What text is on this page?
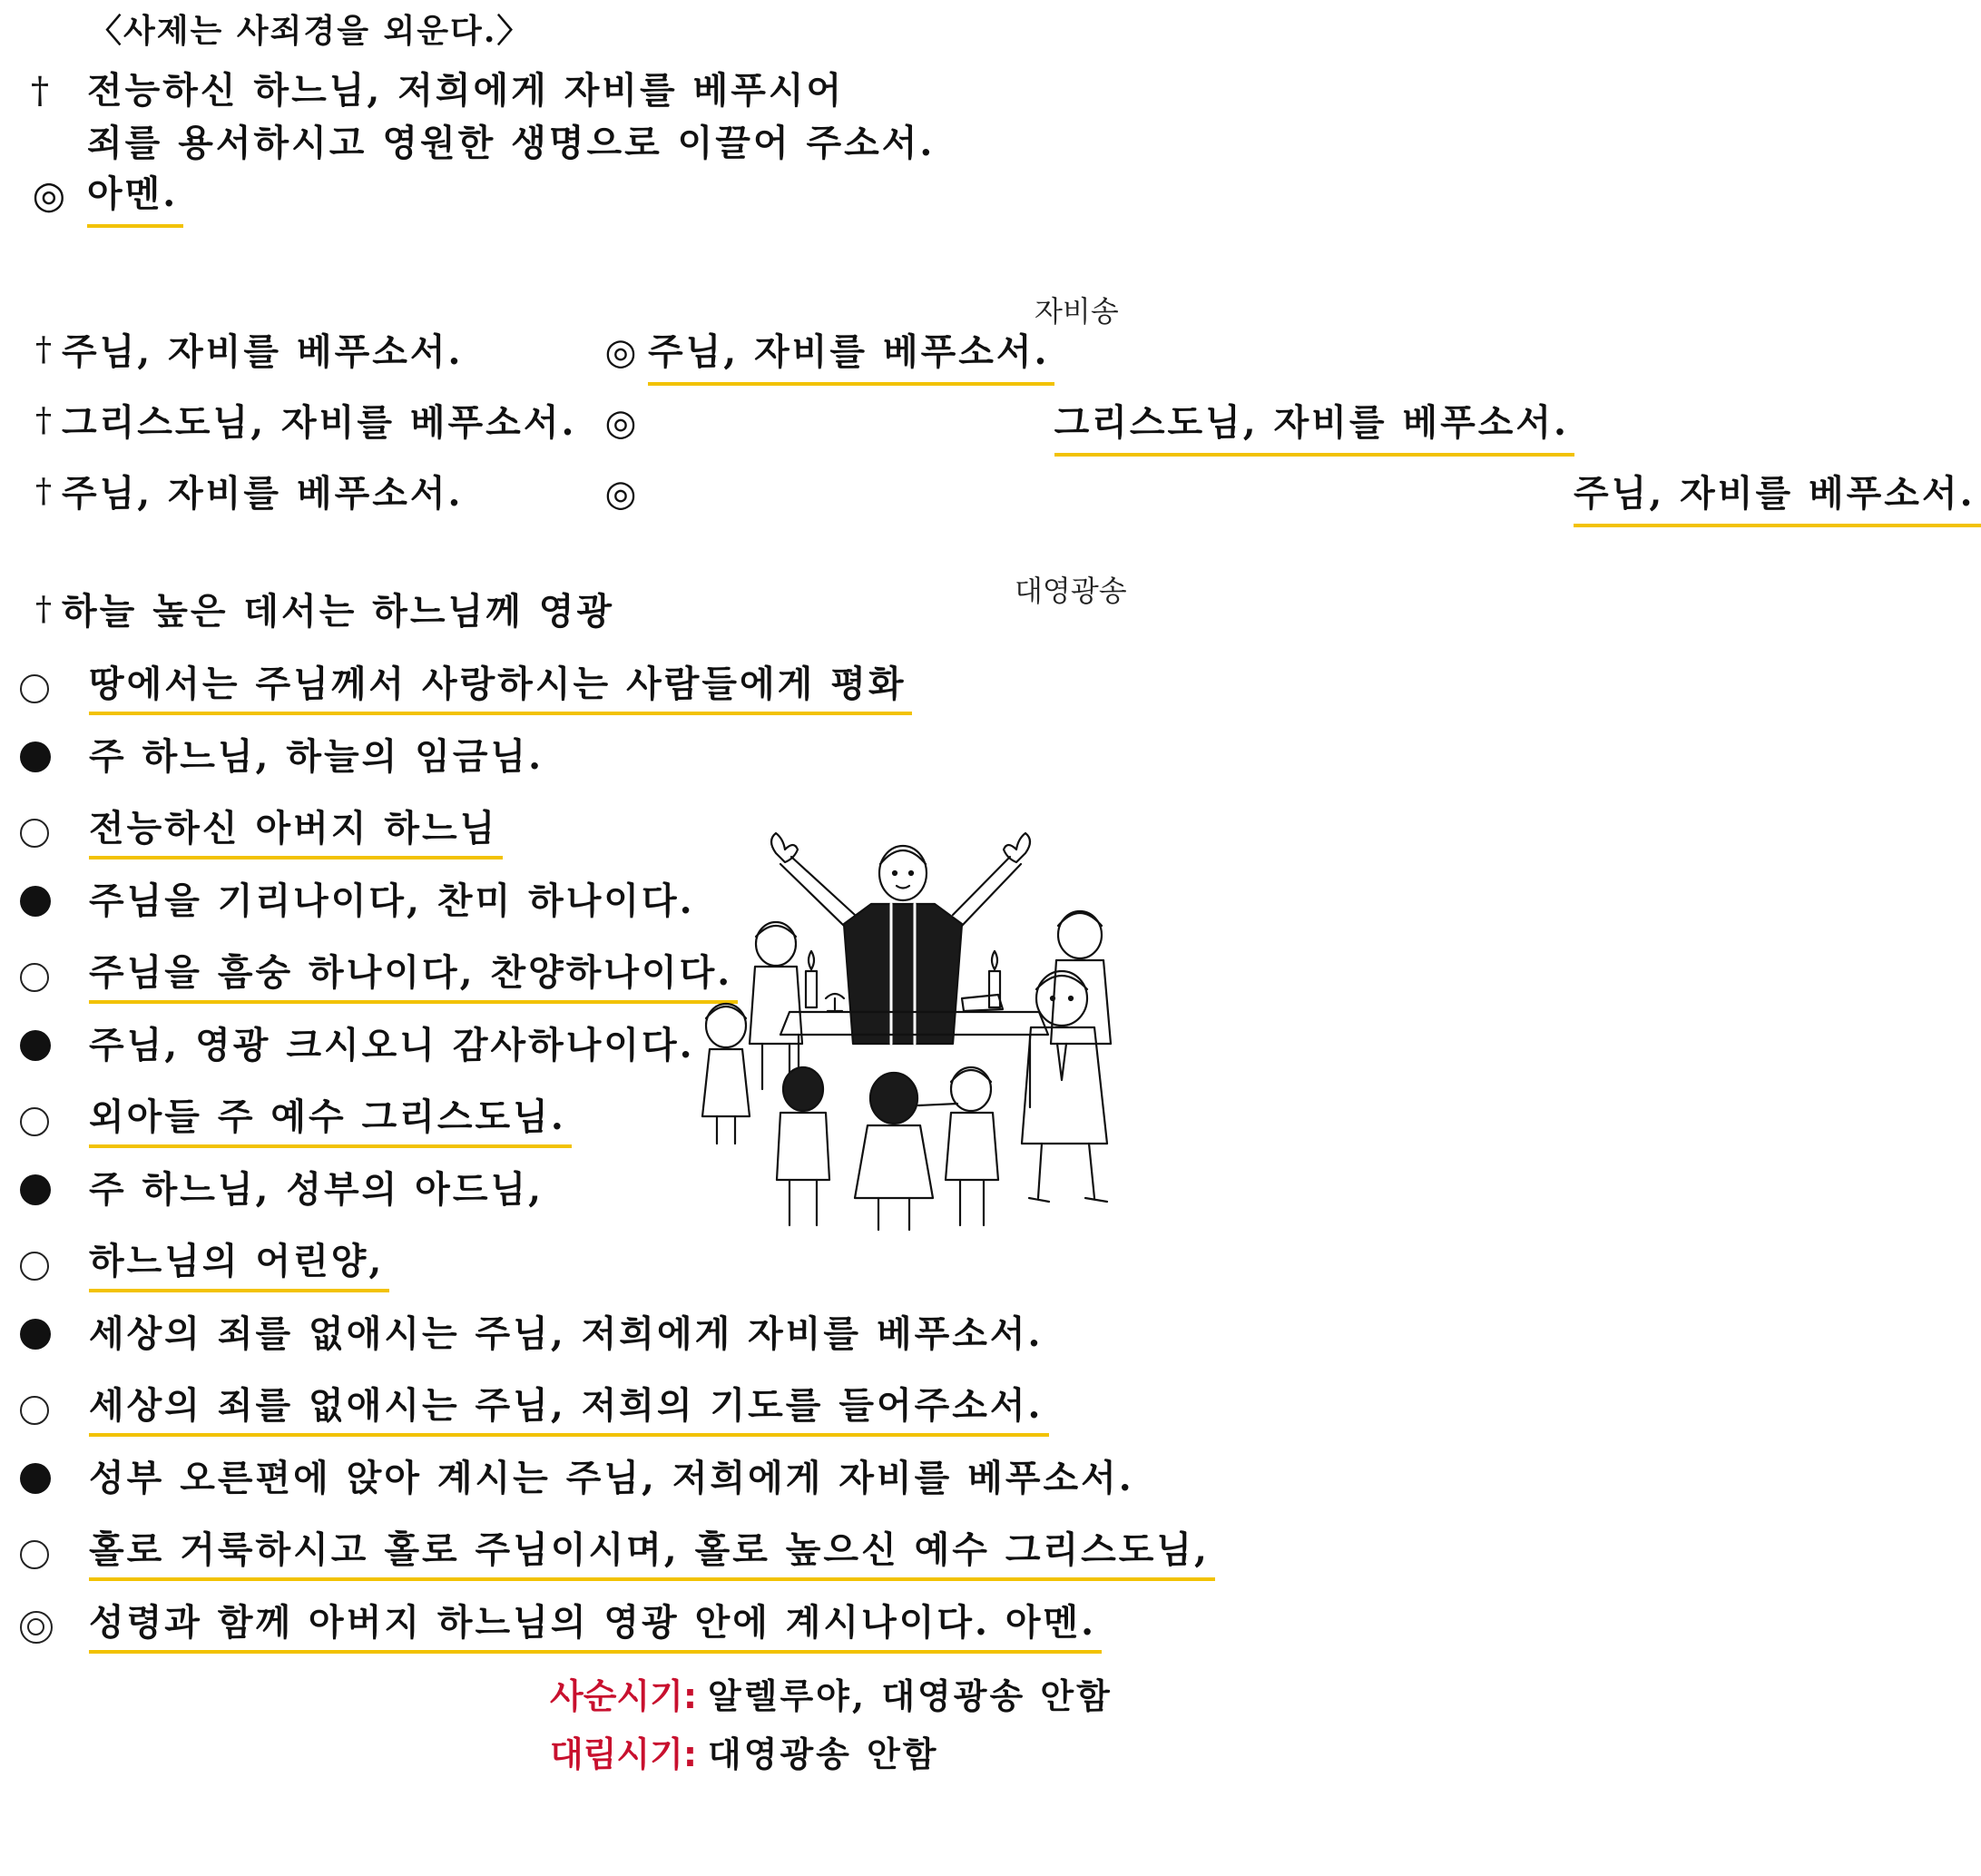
〈사제는 사죄경을 외운다.〉
†	전능하신 하느님, 저희에게 자비를 베푸시어
죄를 용서하시고 영원한 생명으로 이끌어 주소서.
◎ 아멘.
자비송
† 주님, 자비를 베푸소서.	◎ 주님, 자비를 베푸소서.
† 그리스도님, 자비를 베푸소서. ◎	그리스도님, 자비를 베푸소서.
† 주님, 자비를 베푸소서.	◎	주님, 자비를 베푸소서.
대영광송
† 하늘 높은 데서는 하느님께 영광
땅에서는 주님께서 사랑하시는 사람들에게 평화
주 하느님, 하늘의 임금님.
전능하신 아버지 하느님
주님을 기리나이다, 찬미 하나이다.
주님을 흠숭 하나이다, 찬양하나이다.
주님, 영광 크시오니 감사하나이다.
외아들 주 예수 그리스도님.
주 하느님, 성부의 아드님,
하느님의 어린양,
세상의 죄를 없애시는 주님, 저희에게 자비를 베푸소서.
세상의 죄를 없애시는 주님, 저희의 기도를 들어주소서.
성부 오른편에 앉아 계시는 주님, 저희에게 자비를 베푸소서.
홀로 거룩하시고 홀로 주님이시며, 홀로 높으신 예수 그리스도님,
성령과 함께 아버지 하느님의 영광 안에 계시나이다. 아멘.
사순시기: 알렐루야, 대영광송 안함
대림시기: 대영광송 안함
